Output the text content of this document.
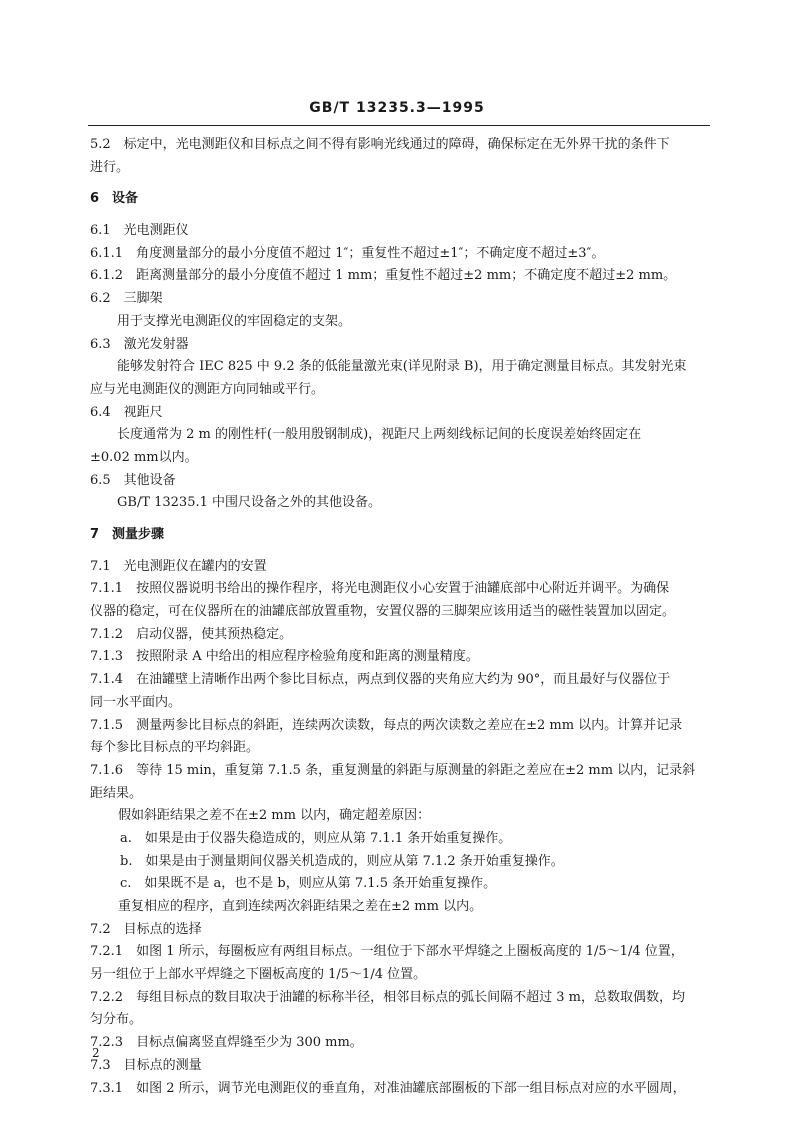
GB/T 13235.3—1995
5.2　标定中，光电测距仪和目标点之间不得有影响光线通过的障碍，确保标定在无外界干扰的条件下
进行。
6　设备
6.1　光电测距仪
6.1.1　角度测量部分的最小分度值不超过 1″；重复性不超过±1″；不确定度不超过±3″。
6.1.2　距离测量部分的最小分度值不超过 1 mm；重复性不超过±2 mm；不确定度不超过±2 mm。
6.2　三脚架
用于支撑光电测距仪的牢固稳定的支架。
6.3　激光发射器
能够发射符合 IEC 825 中 9.2 条的低能量激光束(详见附录 B)，用于确定测量目标点。其发射光束
应与光电测距仪的测距方向同轴或平行。
6.4　视距尺
长度通常为 2 m 的刚性杆(一般用殷钢制成)，视距尺上两刻线标记间的长度误差始终固定在
±0.02 mm以内。
6.5　其他设备
GB/T 13235.1 中围尺设备之外的其他设备。
7　测量步骤
7.1　光电测距仪在罐内的安置
7.1.1　按照仪器说明书给出的操作程序，将光电测距仪小心安置于油罐底部中心附近并调平。为确保
仪器的稳定，可在仪器所在的油罐底部放置重物，安置仪器的三脚架应该用适当的磁性装置加以固定。
7.1.2　启动仪器，使其预热稳定。
7.1.3　按照附录 A 中给出的相应程序检验角度和距离的测量精度。
7.1.4　在油罐壁上清晰作出两个参比目标点，两点到仪器的夹角应大约为 90°，而且最好与仪器位于
同一水平面内。
7.1.5　测量两参比目标点的斜距，连续两次读数，每点的两次读数之差应在±2 mm 以内。计算并记录
每个参比目标点的平均斜距。
7.1.6　等待 15 min，重复第 7.1.5 条，重复测量的斜距与原测量的斜距之差应在±2 mm 以内，记录斜
距结果。
假如斜距结果之差不在±2 mm 以内，确定超差原因：
a.　如果是由于仪器失稳造成的，则应从第 7.1.1 条开始重复操作。
b.　如果是由于测量期间仪器关机造成的，则应从第 7.1.2 条开始重复操作。
c.　如果既不是 a，也不是 b，则应从第 7.1.5 条开始重复操作。
重复相应的程序，直到连续两次斜距结果之差在±2 mm 以内。
7.2　目标点的选择
7.2.1　如图 1 所示，每圈板应有两组目标点。一组位于下部水平焊缝之上圈板高度的 1/5～1/4 位置，
另一组位于上部水平焊缝之下圈板高度的 1/5～1/4 位置。
7.2.2　每组目标点的数目取决于油罐的标称半径，相邻目标点的弧长间隔不超过 3 m，总数取偶数，均
匀分布。
7.2.3　目标点偏离竖直焊缝至少为 300 mm。
7.3　目标点的测量
7.3.1　如图 2 所示，调节光电测距仪的垂直角，对准油罐底部圈板的下部一组目标点对应的水平圆周，
2
